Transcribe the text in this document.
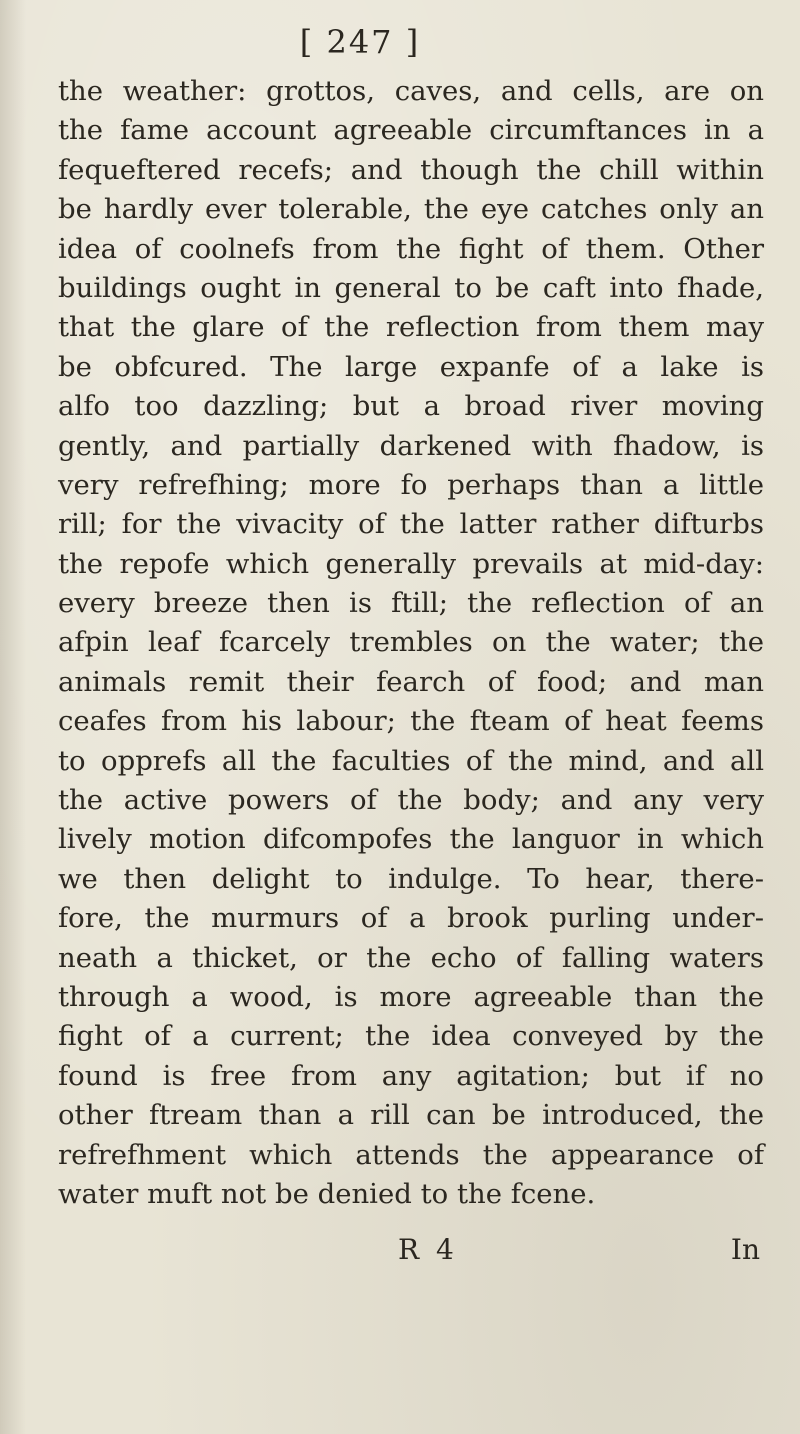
[ 247 ]
the weather: grottos, caves, and cells, are on
the fame account agreeable circumftances in a
fequeftered recefs; and though the chill within
be hardly ever tolerable, the eye catches only an
idea of coolnefs from the fight of them. Other
buildings ought in general to be caft into fhade,
that the glare of the reflection from them may
be obfcured. The large expanfe of a lake is
alfo too dazzling; but a broad river moving
gently, and partially darkened with fhadow, is
very refrefhing; more fo perhaps than a little
rill; for the vivacity of the latter rather difturbs
the repofe which generally prevails at mid-day:
every breeze then is ftill; the reflection of an
afpin leaf fcarcely trembles on the water; the
animals remit their fearch of food; and man
ceafes from his labour; the fteam of heat feems
to opprefs all the faculties of the mind, and all
the active powers of the body; and any very
lively motion difcompofes the languor in which
we then delight to indulge. To hear, there-
fore, the murmurs of a brook purling under-
neath a thicket, or the echo of falling waters
through a wood, is more agreeable than the
fight of a current; the idea conveyed by the
found is free from any agitation; but if no
other ftream than a rill can be introduced, the
refrefhment which attends the appearance of
water muft not be denied to the fcene.
R 4	In
